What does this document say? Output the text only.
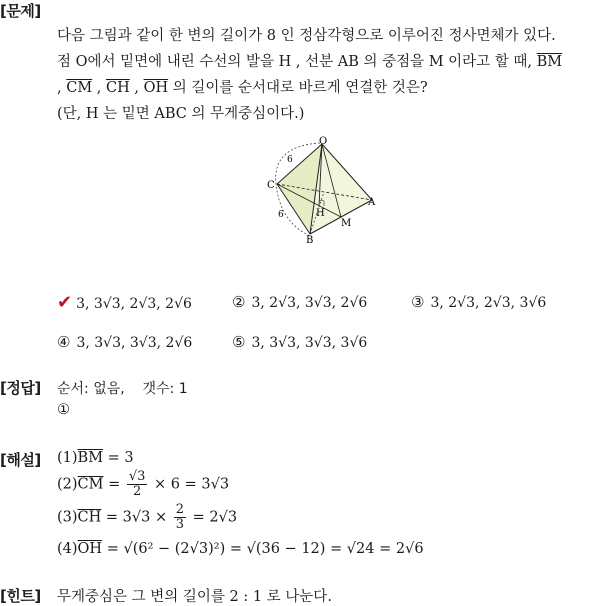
[문제]
[정답]
[해설]
[힌트]
다음 그림과 같이 한 변의 길이가 8 인 정삼각형으로 이루어진 정사면체가 있다.
점 O에서 밑면에 내린 수선의 발을 H , 선분 AB 의 중점을 M 이라고 할 때, $\overline{BM}$
, $\overline{CM}$ , $\overline{CH}$ , $\overline{OH}$ 의 길이를 순서대로 바르게 연결한 것은?
(단, H 는 밑면 ABC 의 무게중심이다.)
O
C
A
B
H
M
6
6
✔ 3, 3√3, 2√3, 2√6	② 3, 2√3, 3√3, 2√6	③ 3, 2√3, 2√3, 3√6
④ 3, 3√3, 3√3, 2√6	⑤ 3, 3√3, 3√3, 3√6
순서: 없음,    갯수: 1
①
$(1)\overline{BM} = 3$
$(2)\overline{CM} = \frac{√3}{2} \times 6 = 3√3$
$(3)\overline{CH} = 3√3 \times \frac{2}{3} = 2√3$
$(4)\overline{OH} = √(6^2 - (2√3)^2) = √(36 - 12) = √24 = 2√6$
무게중심은 그 변의 길이를 2 : 1 로 나눈다.
